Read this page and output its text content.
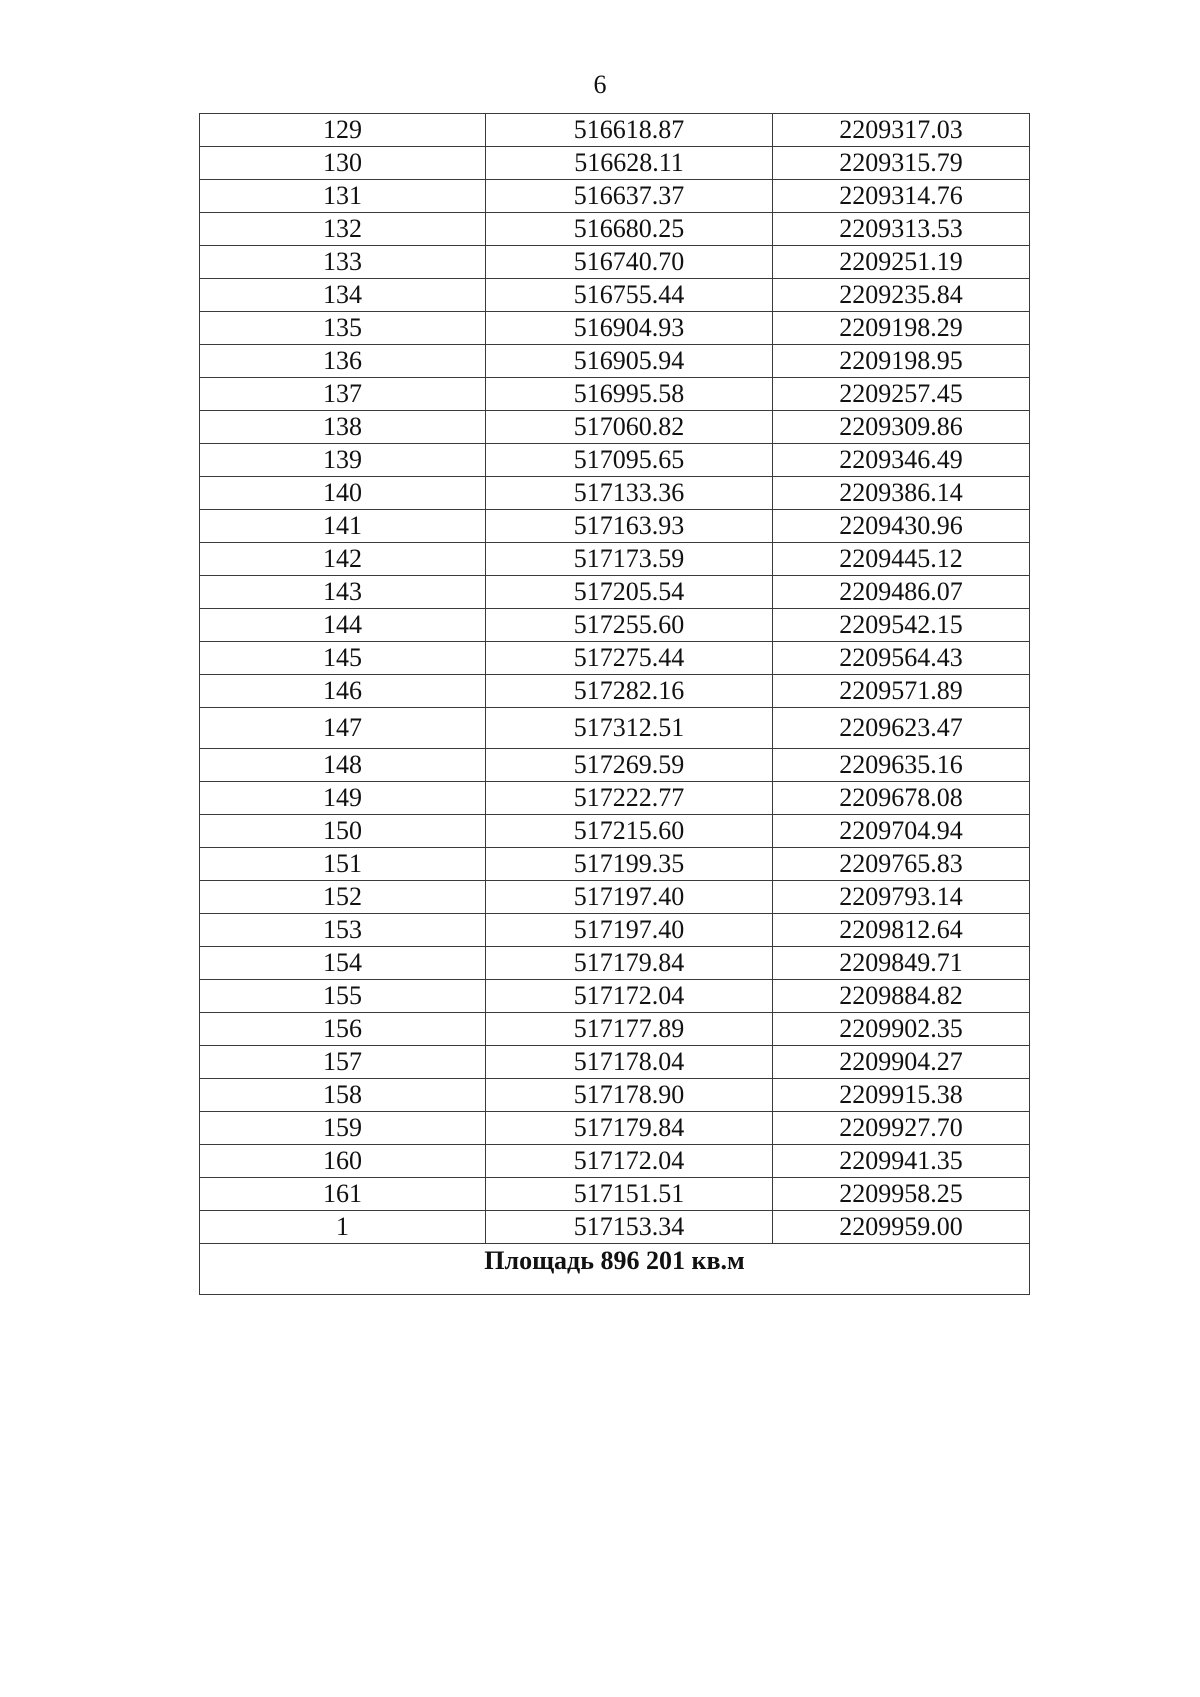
6
129	516618.87	2209317.03
130	516628.11	2209315.79
131	516637.37	2209314.76
132	516680.25	2209313.53
133	516740.70	2209251.19
134	516755.44	2209235.84
135	516904.93	2209198.29
136	516905.94	2209198.95
137	516995.58	2209257.45
138	517060.82	2209309.86
139	517095.65	2209346.49
140	517133.36	2209386.14
141	517163.93	2209430.96
142	517173.59	2209445.12
143	517205.54	2209486.07
144	517255.60	2209542.15
145	517275.44	2209564.43
146	517282.16	2209571.89
147	517312.51	2209623.47
148	517269.59	2209635.16
149	517222.77	2209678.08
150	517215.60	2209704.94
151	517199.35	2209765.83
152	517197.40	2209793.14
153	517197.40	2209812.64
154	517179.84	2209849.71
155	517172.04	2209884.82
156	517177.89	2209902.35
157	517178.04	2209904.27
158	517178.90	2209915.38
159	517179.84	2209927.70
160	517172.04	2209941.35
161	517151.51	2209958.25
1	517153.34	2209959.00
Площадь 896 201 кв.м		
